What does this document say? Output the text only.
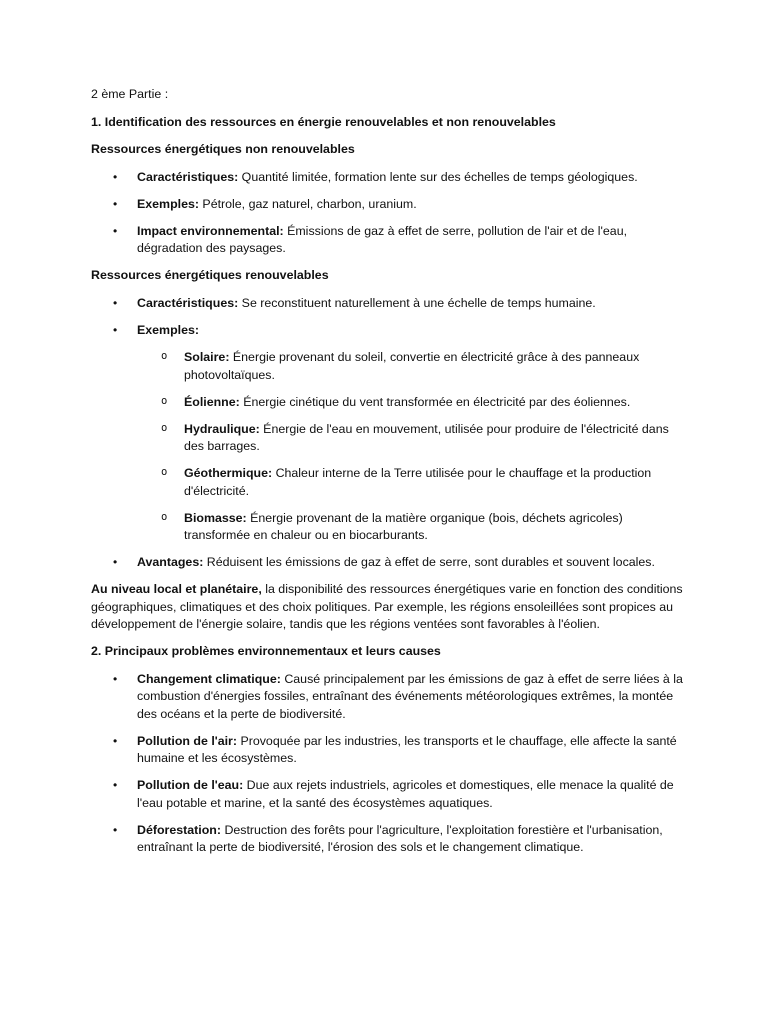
2 ème Partie :

1. Identification des ressources en énergie renouvelables et non renouvelables

Ressources énergétiques non renouvelables

• Caractéristiques: Quantité limitée, formation lente sur des échelles de temps géologiques.
• Exemples: Pétrole, gaz naturel, charbon, uranium.
• Impact environnemental: Émissions de gaz à effet de serre, pollution de l'air et de l'eau, dégradation des paysages.

Ressources énergétiques renouvelables

• Caractéristiques: Se reconstituent naturellement à une échelle de temps humaine.
• Exemples:
o Solaire: Énergie provenant du soleil, convertie en électricité grâce à des panneaux photovoltaïques.
o Éolienne: Énergie cinétique du vent transformée en électricité par des éoliennes.
o Hydraulique: Énergie de l'eau en mouvement, utilisée pour produire de l'électricité dans des barrages.
o Géothermique: Chaleur interne de la Terre utilisée pour le chauffage et la production d'électricité.
o Biomasse: Énergie provenant de la matière organique (bois, déchets agricoles) transformée en chaleur ou en biocarburants.
• Avantages: Réduisent les émissions de gaz à effet de serre, sont durables et souvent locales.

Au niveau local et planétaire, la disponibilité des ressources énergétiques varie en fonction des conditions géographiques, climatiques et des choix politiques. Par exemple, les régions ensoleillées sont propices au développement de l'énergie solaire, tandis que les régions ventées sont favorables à l'éolien.

2. Principaux problèmes environnementaux et leurs causes

• Changement climatique: Causé principalement par les émissions de gaz à effet de serre liées à la combustion d'énergies fossiles, entraînant des événements météorologiques extrêmes, la montée des océans et la perte de biodiversité.
• Pollution de l'air: Provoquée par les industries, les transports et le chauffage, elle affecte la santé humaine et les écosystèmes.
• Pollution de l'eau: Due aux rejets industriels, agricoles et domestiques, elle menace la qualité de l'eau potable et marine, et la santé des écosystèmes aquatiques.
• Déforestation: Destruction des forêts pour l'agriculture, l'exploitation forestière et l'urbanisation, entraînant la perte de biodiversité, l'érosion des sols et le changement climatique.
